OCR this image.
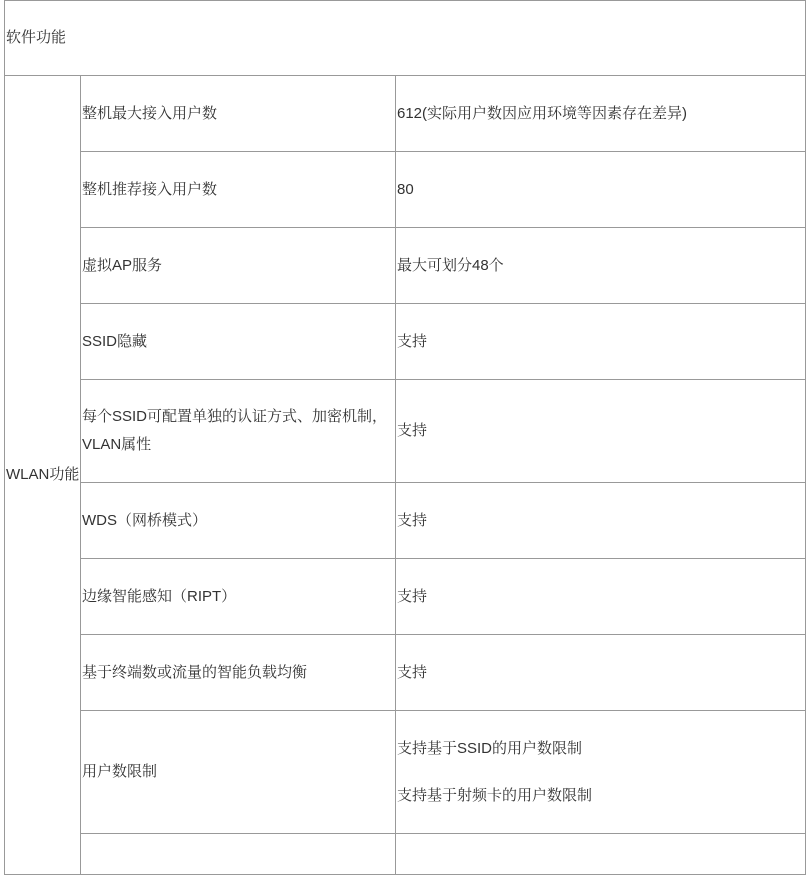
软件功能		
WLAN功能	整机最大接入用户数	612(实际用户数因应用环境等因素存在差异)
	整机推荐接入用户数	80
	虚拟AP服务	最大可划分48个
	SSID隐藏	支持
	每个SSID可配置单独的认证方式、加密机制，VLAN属性	支持
	WDS（网桥模式）	支持
	边缘智能感知（RIPT）	支持
	基于终端数或流量的智能负载均衡	支持
	用户数限制	支持基于SSID的用户数限制
支持基于射频卡的用户数限制
